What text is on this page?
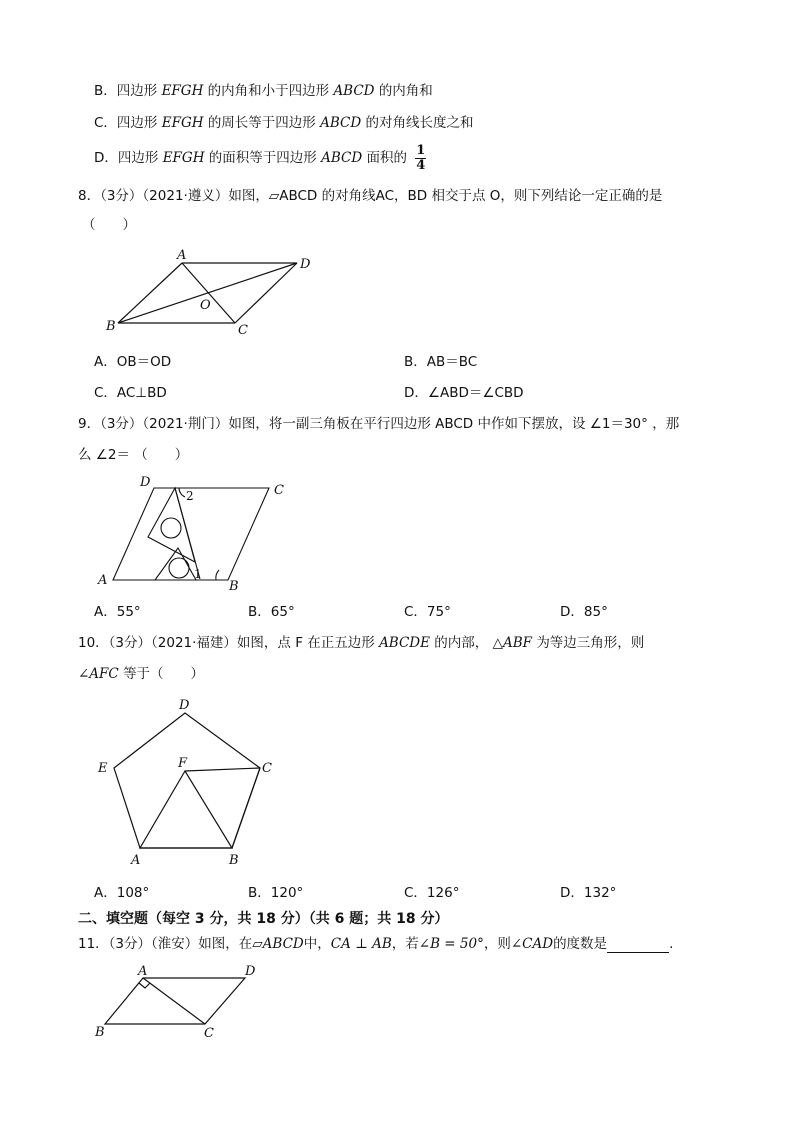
B．四边形 EFGH 的内角和小于四边形 ABCD 的内角和
C．四边形 EFGH 的周长等于四边形 ABCD 的对角线长度之和
D．四边形 EFGH 的面积等于四边形 ABCD 面积的 $\frac{1}{4}$
8．（3分）（2021·遵义）如图，▱ABCD 的对角线AC，BD 相交于点 O，则下列结论一定正确的是
（　　）
A
B	C
D
O
A．OB＝OD	B．AB＝BC
C．AC⊥BD	D．∠ABD＝∠CBD
9．（3分）（2021·荆门）如图，将一副三角板在平行四边形 ABCD 中作如下摆放，设 ∠1＝30° ，那
么 ∠2＝ （　　）
D
C
A	B
2
1
A．55°	B．65°	C．75°	D．85°
10．（3分）（2021·福建）如图，点 F 在正五边形 ABCDE 的内部， △ABF 为等边三角形，则
∠AFC 等于（　　）
D
E	F	C
A	B
A．108°	B．120°	C．126°	D．132°
二、填空题（每空 3 分，共 18 分）（共 6 题；共 18 分）
11．（3分）（淮安）如图，在▱ABCD中，CA ⊥ AB，若∠B = 50°，则∠CAD的度数是	.
A	D
B	C
